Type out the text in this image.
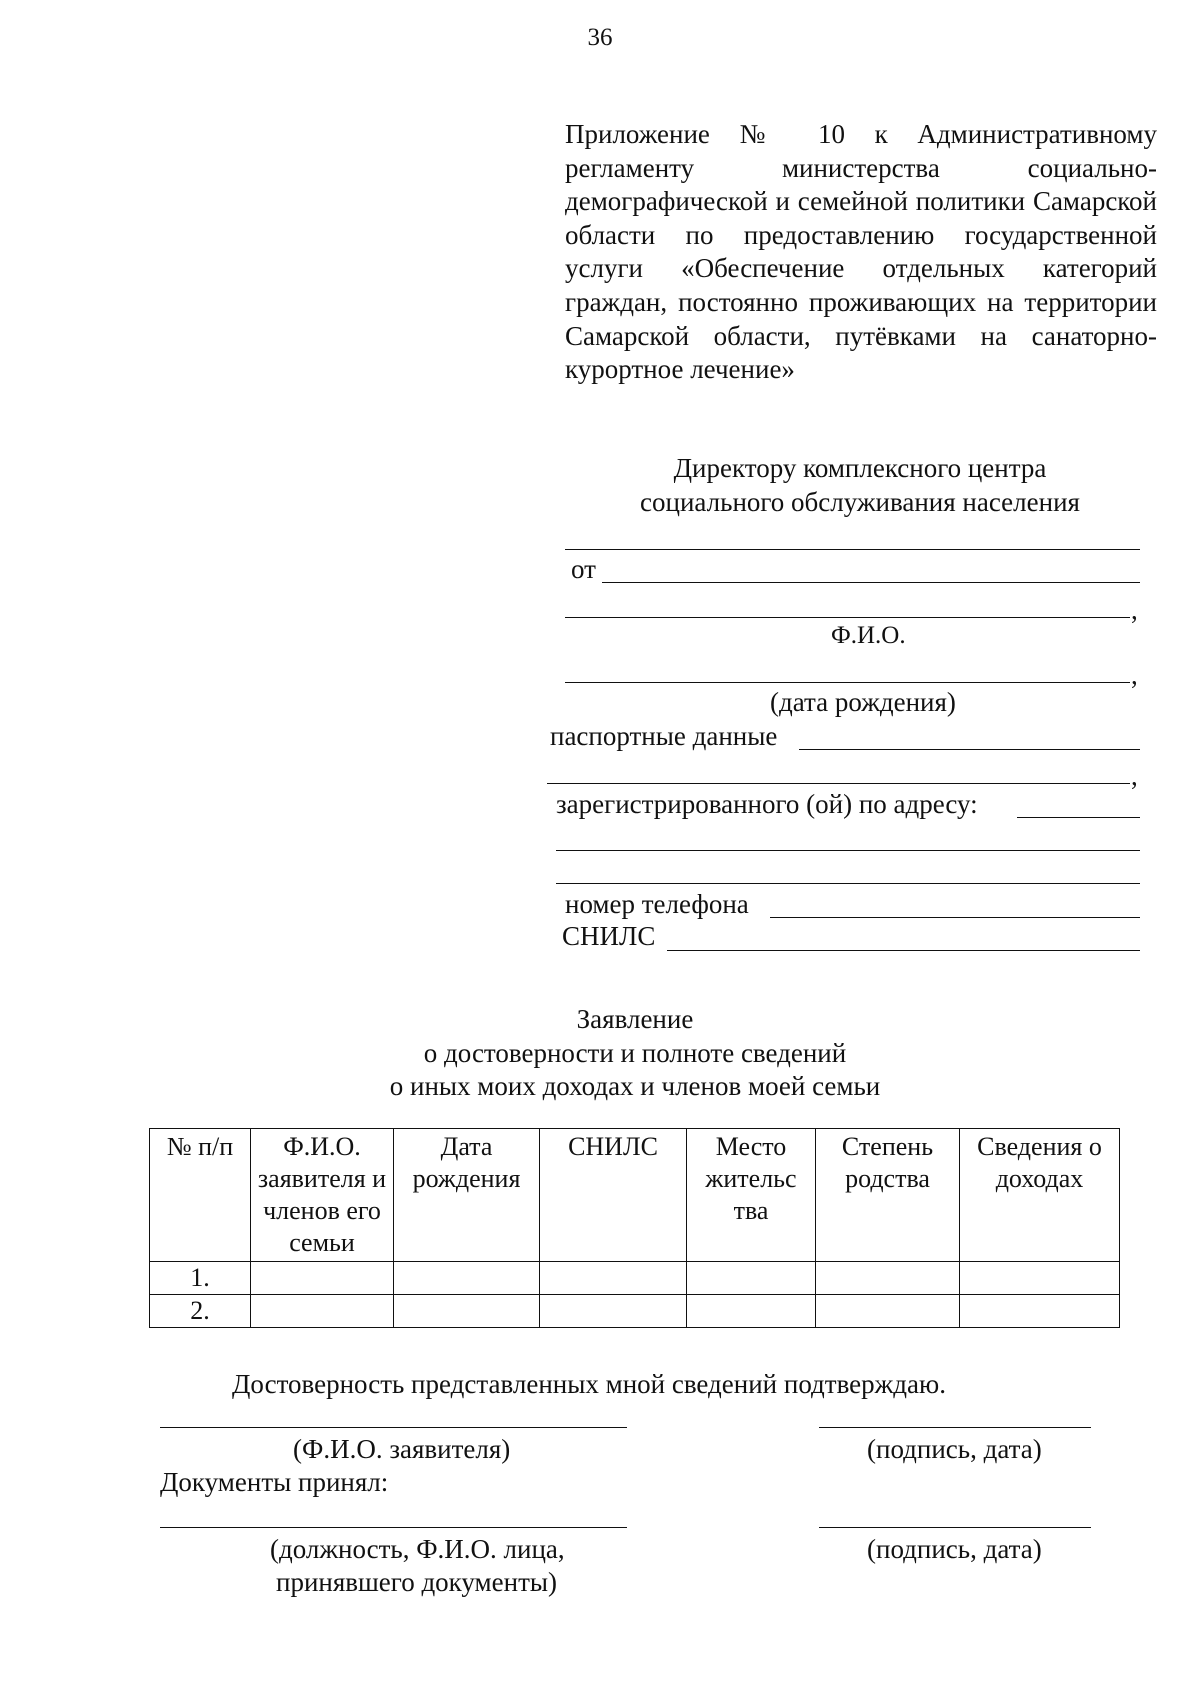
36
Приложение № 10 к Административному регламенту министерства социально-демографической и семейной политики Самарской области по предоставлению государственной услуги «Обеспечение отдельных категорий граждан, постоянно проживающих на территории Самарской области, путёвками на санаторно-курортное лечение»
Директору комплексного центра
социального обслуживания населения
от
,
Ф.И.О.
,
(дата рождения)
паспортные данные
,
зарегистрированного (ой) по адресу:
номер телефона
СНИЛС
Заявление
о достоверности и полноте сведений
о иных моих доходах и членов моей семьи
№ п/п	Ф.И.О. заявителя и членов его семьи	Дата рождения	СНИЛС	Место жительс тва	Степень родства	Сведения о доходах
1.						
2.						
Достоверность представленных мной сведений подтверждаю.
(Ф.И.О. заявителя)	(подпись, дата)
Документы принял:
(должность, Ф.И.О. лица,
принявшего документы)
(подпись, дата)
